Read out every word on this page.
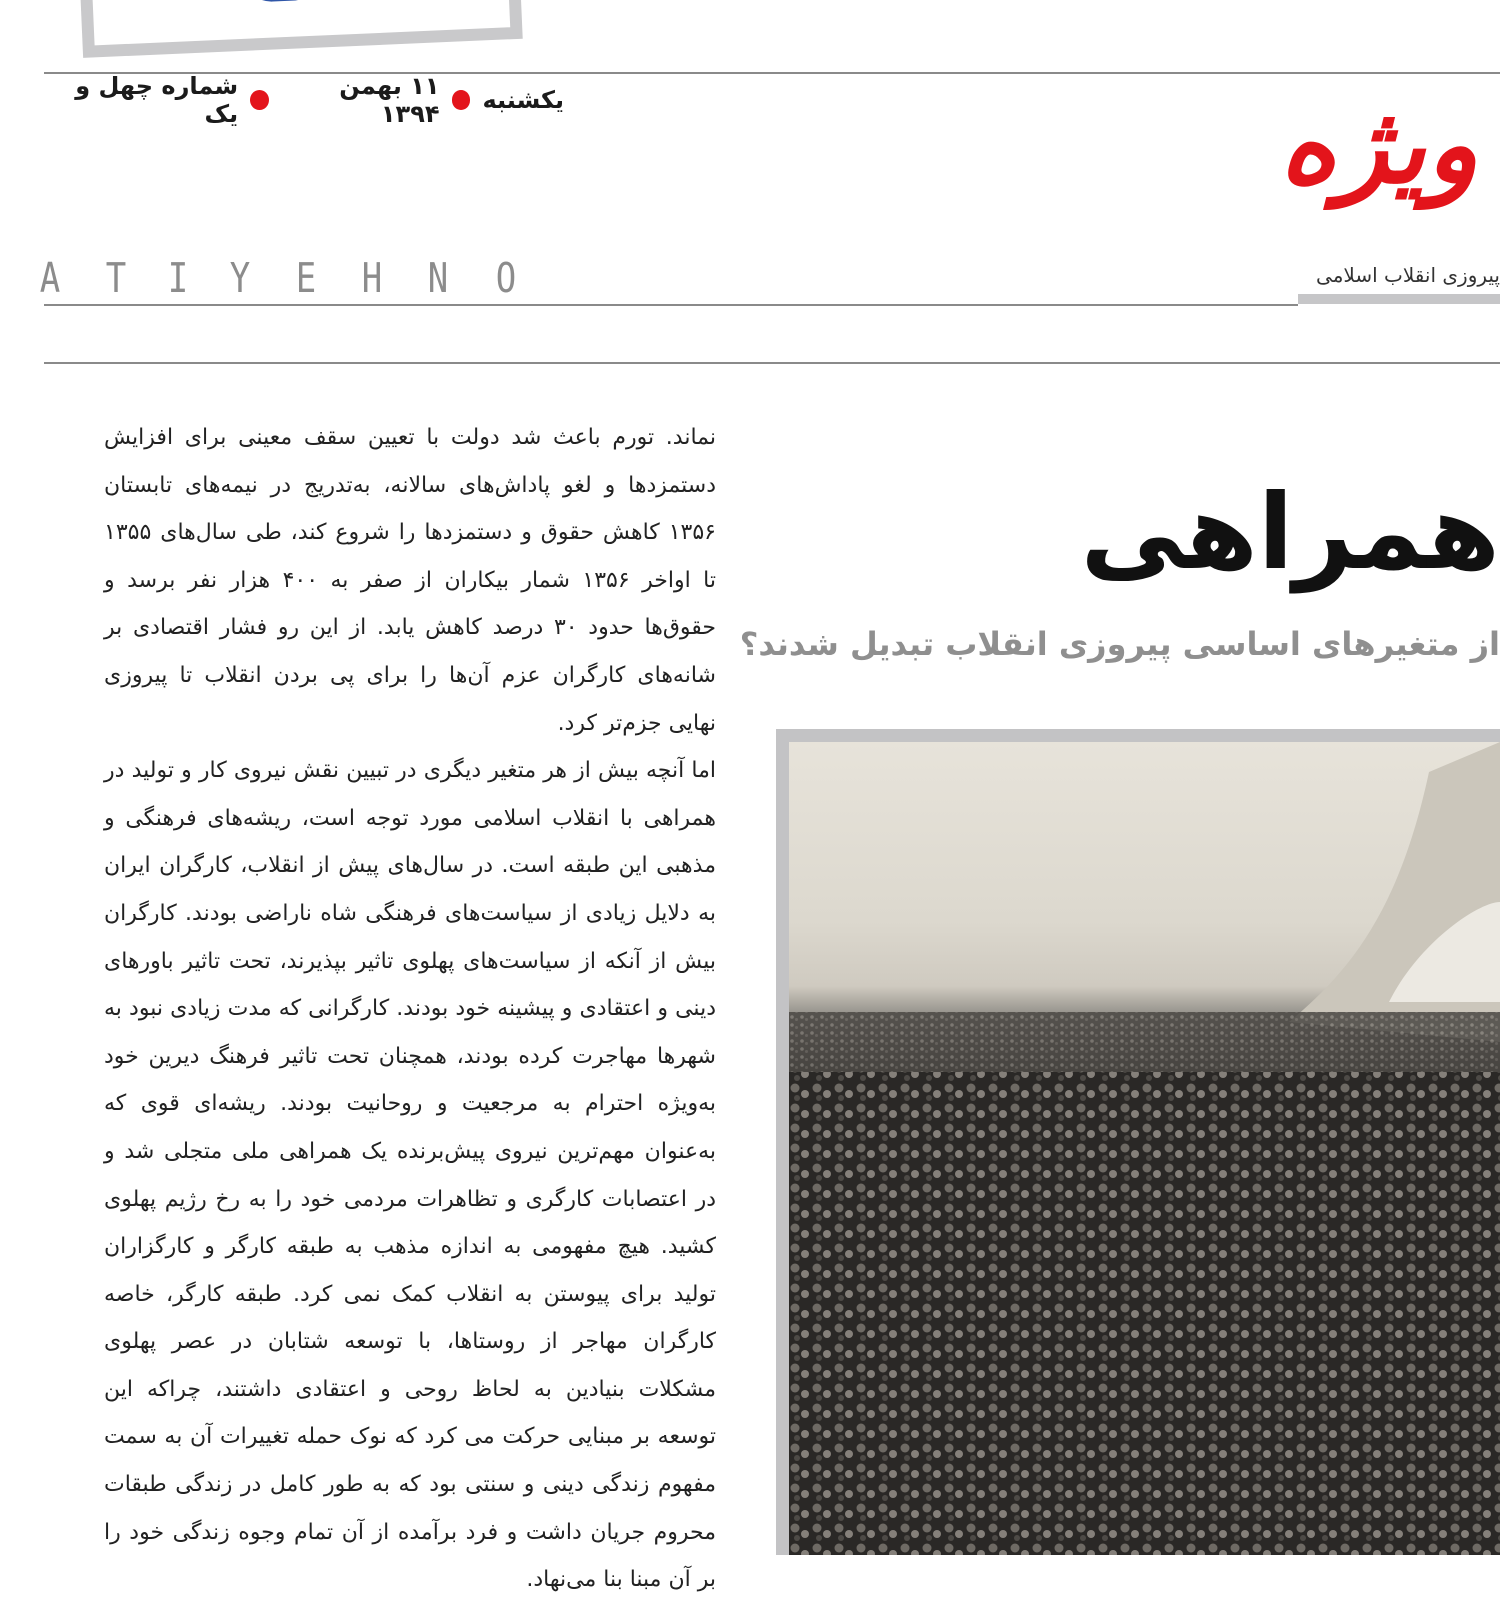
یکشنبه
۱۱ بهمن ۱۳۹۴
شماره چهل و یک	ویژه
پیروزی انقلاب اسلامی
A T I Y E H N O
همراهی
از متغیرهای اساسی پیروزی انقلاب تبدیل شدند؟

نماند. تورم باعث شد دولت با تعیین سقف معینی برای افزایش دستمزدها و لغو پاداش‌های سالانه، به‌تدریج در نیمه‌های تابستان ۱۳۵۶ کاهش حقوق و دستمزدها را شروع کند، طی سال‌های ۱۳۵۵ تا اواخر ۱۳۵۶ شمار بیکاران از صفر به ۴۰۰ هزار نفر برسد و حقوق‌ها حدود ۳۰ درصد کاهش یابد. از این رو فشار اقتصادی بر شانه‌های کارگران عزم آن‌ها را برای پی بردن انقلاب تا پیروزی نهایی جزم‌تر کرد.

اما آنچه بیش از هر متغیر دیگری در تبیین نقش نیروی کار و تولید در همراهی با انقلاب اسلامی مورد توجه است، ریشه‌های فرهنگی و مذهبی این طبقه است. در سال‌های پیش از انقلاب، کارگران ایران به دلایل زیادی از سیاست‌های فرهنگی شاه ناراضی بودند. کارگران بیش از آنکه از سیاست‌های پهلوی تاثیر بپذیرند، تحت تاثیر باورهای دینی و اعتقادی و پیشینه خود بودند. کارگرانی که مدت زیادی نبود به شهرها مهاجرت کرده بودند، همچنان تحت تاثیر فرهنگ دیرین خود به‌ویژه احترام به مرجعیت و روحانیت بودند. ریشه‌ای قوی که به‌عنوان مهم‌ترین نیروی پیش‌برنده یک همراهی ملی متجلی شد و در اعتصابات کارگری و تظاهرات مردمی خود را به رخ رژیم پهلوی کشید. هیچ مفهومی به اندازه مذهب به طبقه کارگر و کارگزاران تولید برای پیوستن به انقلاب کمک نمی کرد. طبقه کارگر، خاصه کارگران مهاجر از روستاها، با توسعه شتابان در عصر پهلوی مشکلات بنیادین به لحاظ روحی و اعتقادی داشتند، چراکه این توسعه بر مبنایی حرکت می کرد که نوک حمله تغییرات آن به سمت مفهوم زندگی دینی و سنتی بود که به طور کامل در زندگی طبقات محروم جریان داشت و فرد برآمده از آن تمام وجوه زندگی خود را بر آن مبنا بنا می‌نهاد.
